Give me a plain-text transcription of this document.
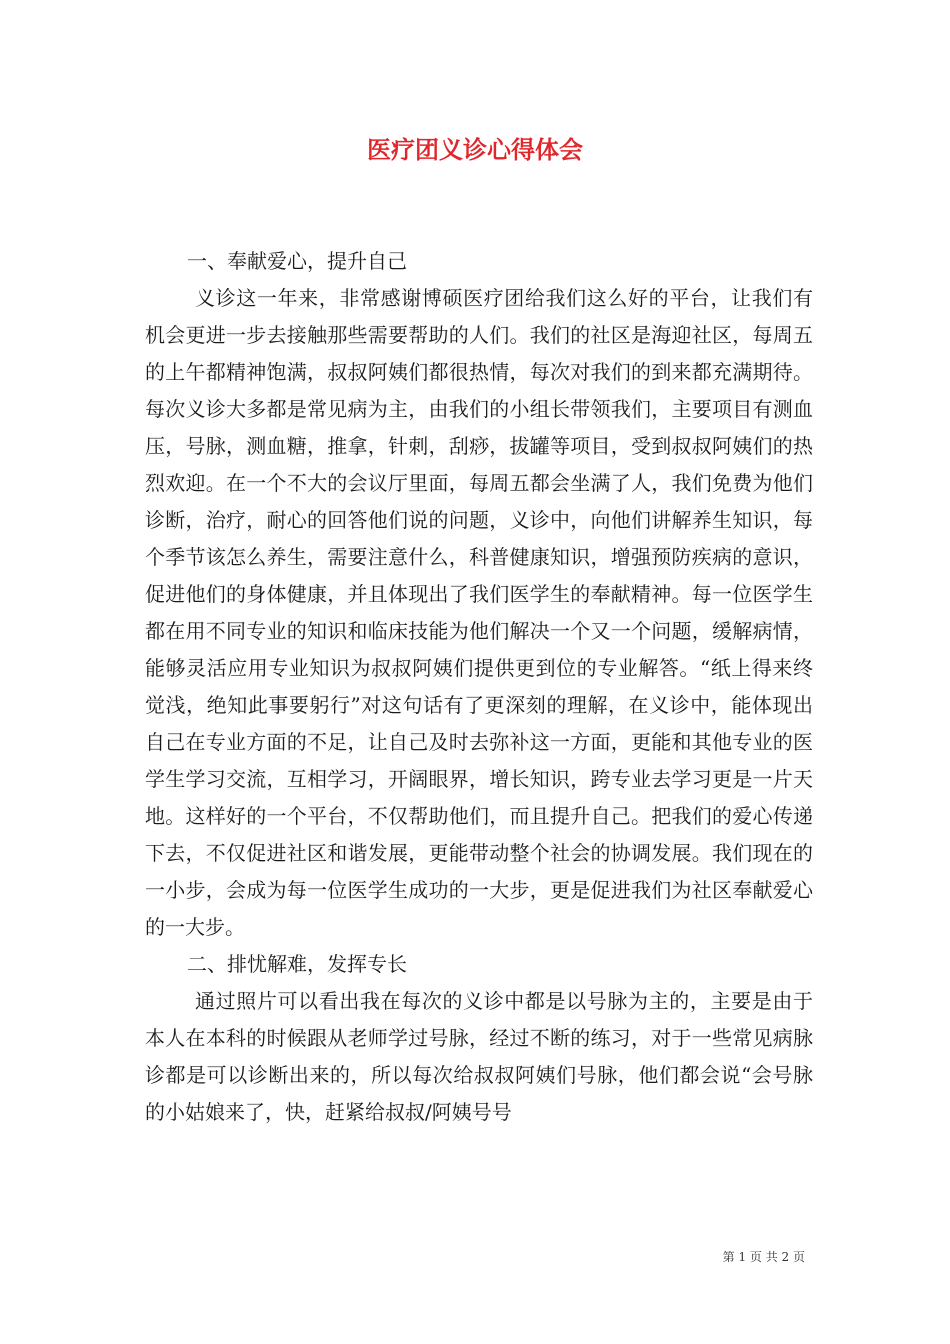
医疗团义诊心得体会
一、奉献爱心，提升自己

义诊这一年来，非常感谢博硕医疗团给我们这么好的平台，让我们有机会更进一步去接触那些需要帮助的人们。我们的社区是海迎社区，每周五的上午都精神饱满，叔叔阿姨们都很热情，每次对我们的到来都充满期待。每次义诊大多都是常见病为主，由我们的小组长带领我们，主要项目有测血压，号脉，测血糖，推拿，针刺，刮痧，拔罐等项目，受到叔叔阿姨们的热烈欢迎。在一个不大的会议厅里面，每周五都会坐满了人，我们免费为他们诊断，治疗，耐心的回答他们说的问题，义诊中，向他们讲解养生知识，每个季节该怎么养生，需要注意什么，科普健康知识，增强预防疾病的意识，促进他们的身体健康，并且体现出了我们医学生的奉献精神。每一位医学生都在用不同专业的知识和临床技能为他们解决一个又一个问题，缓解病情，能够灵活应用专业知识为叔叔阿姨们提供更到位的专业解答。“纸上得来终觉浅，绝知此事要躬行”对这句话有了更深刻的理解，在义诊中，能体现出自己在专业方面的不足，让自己及时去弥补这一方面，更能和其他专业的医学生学习交流，互相学习，开阔眼界，增长知识，跨专业去学习更是一片天地。这样好的一个平台，不仅帮助他们，而且提升自己。把我们的爱心传递下去，不仅促进社区和谐发展，更能带动整个社会的协调发展。我们现在的一小步，会成为每一位医学生成功的一大步，更是促进我们为社区奉献爱心的一大步。

二、排忧解难，发挥专长

通过照片可以看出我在每次的义诊中都是以号脉为主的，主要是由于本人在本科的时候跟从老师学过号脉，经过不断的练习，对于一些常见病脉诊都是可以诊断出来的，所以每次给叔叔阿姨们号脉，他们都会说“会号脉的小姑娘来了，快，赶紧给叔叔/阿姨号号

第 1 页 共 2 页
